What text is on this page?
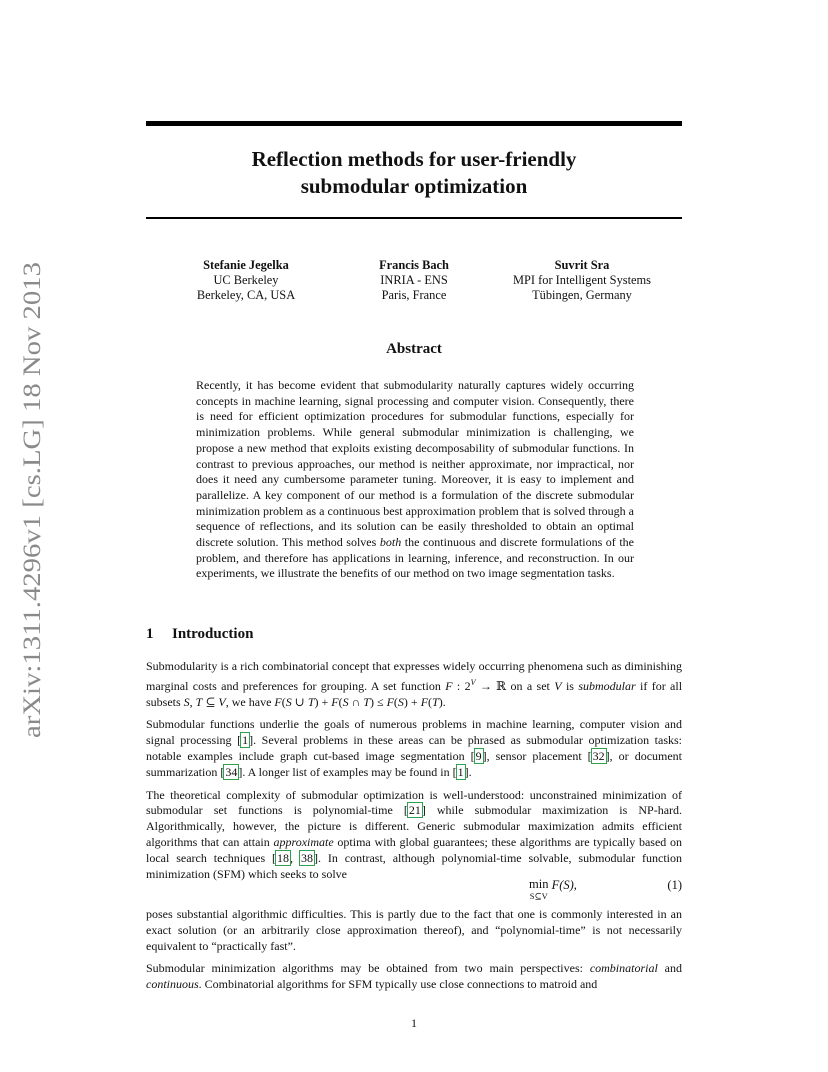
arXiv:1311.4296v1 [cs.LG] 18 Nov 2013
Reflection methods for user-friendly
submodular optimization
Stefanie Jegelka
UC Berkeley
Berkeley, CA, USA
Francis Bach
INRIA - ENS
Paris, France
Suvrit Sra
MPI for Intelligent Systems
Tübingen, Germany
Abstract
Recently, it has become evident that submodularity naturally captures widely occurring concepts in machine learning, signal processing and computer vision. Consequently, there is need for efficient optimization procedures for submodular functions, especially for minimization problems. While general submodular minimization is challenging, we propose a new method that exploits existing decomposability of submodular functions. In contrast to previous approaches, our method is neither approximate, nor impractical, nor does it need any cumbersome parameter tuning. Moreover, it is easy to implement and parallelize. A key component of our method is a formulation of the discrete submodular minimization problem as a continuous best approximation problem that is solved through a sequence of reflections, and its solution can be easily thresholded to obtain an optimal discrete solution. This method solves both the continuous and discrete formulations of the problem, and therefore has applications in learning, inference, and reconstruction. In our experiments, we illustrate the benefits of our method on two image segmentation tasks.
1 Introduction

Submodularity is a rich combinatorial concept that expresses widely occurring phenomena such as diminishing marginal costs and preferences for grouping. A set function F : $2^V$ → ℝ on a set V is submodular if for all subsets S, T ⊆ V, we have F(S ∪ T) + F(S ∩ T) ≤ F(S) + F(T).

Submodular functions underlie the goals of numerous problems in machine learning, computer vision and signal processing [1]. Several problems in these areas can be phrased as submodular optimization tasks: notable examples include graph cut-based image segmentation [9], sensor placement [32], or document summarization [34]. A longer list of examples may be found in [1].

The theoretical complexity of submodular optimization is well-understood: unconstrained minimization of submodular set functions is polynomial-time [21] while submodular maximization is NP-hard. Algorithmically, however, the picture is different. Generic submodular maximization admits efficient algorithms that can attain approximate optima with global guarantees; these algorithms are typically based on local search techniques [18, 38]. In contrast, although polynomial-time solvable, submodular function minimization (SFM) which seeks to solve

min
S⊆V
F(S),	(1)

poses substantial algorithmic difficulties. This is partly due to the fact that one is commonly interested in an exact solution (or an arbitrarily close approximation thereof), and “polynomial-time” is not necessarily equivalent to “practically fast”.

Submodular minimization algorithms may be obtained from two main perspectives: combinatorial and continuous. Combinatorial algorithms for SFM typically use close connections to matroid and

1
